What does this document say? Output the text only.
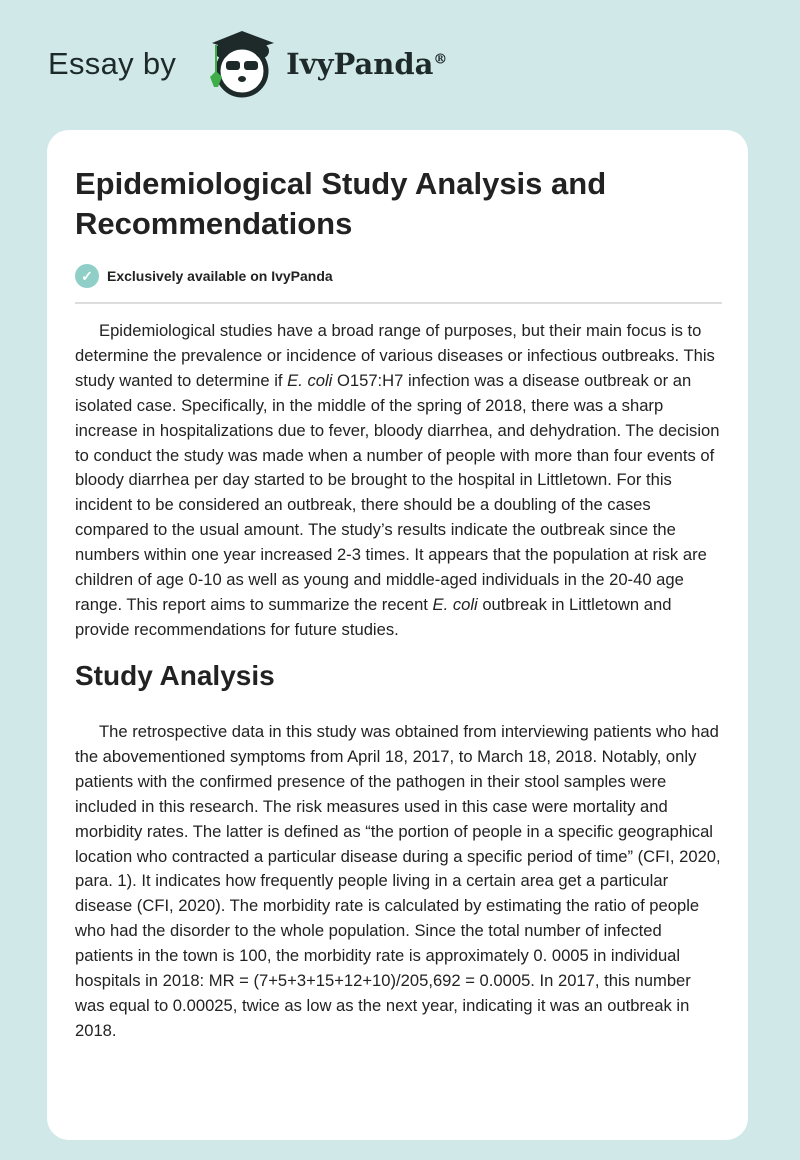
Essay by	IvyPanda®
Epidemiological Study Analysis and Recommendations
✓	Exclusively available on IvyPanda

Epidemiological studies have a broad range of purposes, but their main focus is to determine the prevalence or incidence of various diseases or infectious outbreaks. This study wanted to determine if E. coli O157:H7 infection was a disease outbreak or an isolated case. Specifically, in the middle of the spring of 2018, there was a sharp increase in hospitalizations due to fever, bloody diarrhea, and dehydration. The decision to conduct the study was made when a number of people with more than four events of bloody diarrhea per day started to be brought to the hospital in Littletown. For this incident to be considered an outbreak, there should be a doubling of the cases compared to the usual amount. The study’s results indicate the outbreak since the numbers within one year increased 2-3 times. It appears that the population at risk are children of age 0-10 as well as young and middle-aged individuals in the 20-40 age range. This report aims to summarize the recent E. coli outbreak in Littletown and provide recommendations for future studies.

Study Analysis

The retrospective data in this study was obtained from interviewing patients who had the abovementioned symptoms from April 18, 2017, to March 18, 2018. Notably, only patients with the confirmed presence of the pathogen in their stool samples were included in this research. The risk measures used in this case were mortality and morbidity rates. The latter is defined as “the portion of people in a specific geographical location who contracted a particular disease during a specific period of time” (CFI, 2020, para. 1). It indicates how frequently people living in a certain area get a particular disease (CFI, 2020). The morbidity rate is calculated by estimating the ratio of people who had the disorder to the whole population. Since the total number of infected patients in the town is 100, the morbidity rate is approximately 0. 0005 in individual hospitals in 2018: MR = (7+5+3+15+12+10)/205,692 = 0.0005. In 2017, this number was equal to 0.00025, twice as low as the next year, indicating it was an outbreak in 2018.
